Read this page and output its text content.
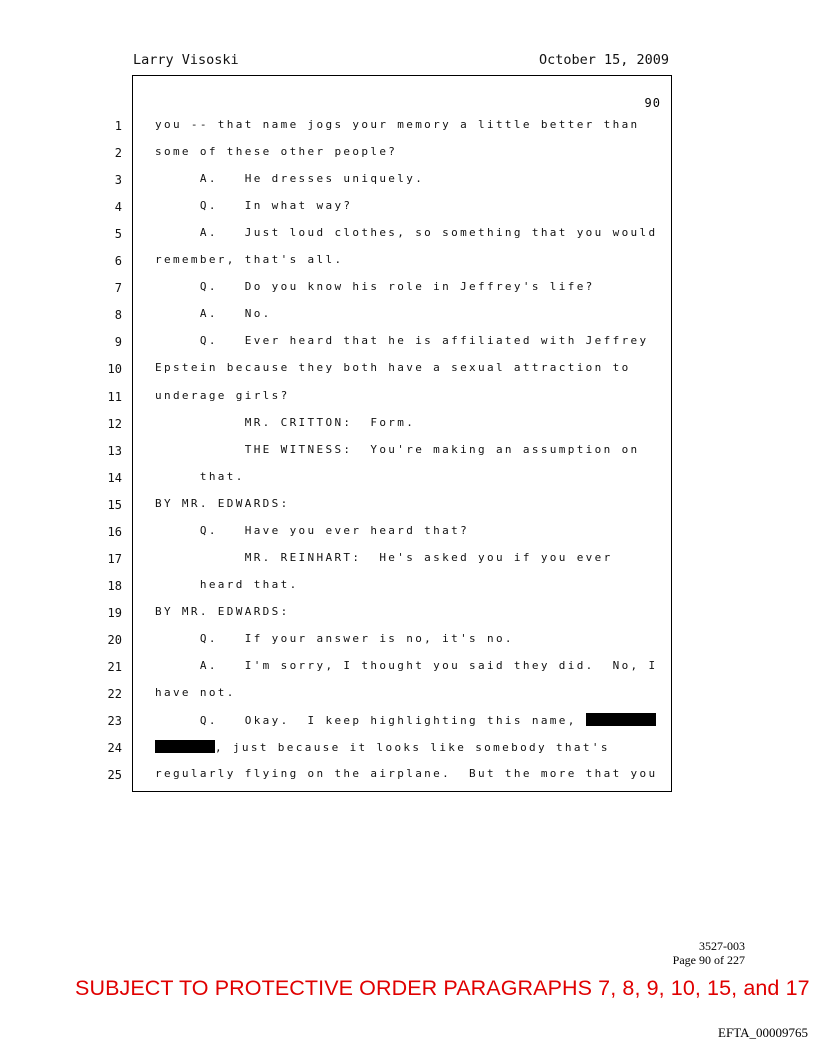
Larry Visoski	October 15, 2009
90
1	you -- that name jogs your memory a little better than
2	some of these other people?
3	A.   He dresses uniquely.
4	Q.   In what way?
5	A.   Just loud clothes, so something that you would
6	remember, that's all.
7	Q.   Do you know his role in Jeffrey's life?
8	A.   No.
9	Q.   Ever heard that he is affiliated with Jeffrey
10	Epstein because they both have a sexual attraction to
11	underage girls?
12	MR. CRITTON:  Form.
13	THE WITNESS:  You're making an assumption on
14	that.
15	BY MR. EDWARDS:
16	Q.   Have you ever heard that?
17	MR. REINHART:  He's asked you if you ever
18	heard that.
19	BY MR. EDWARDS:
20	Q.   If your answer is no, it's no.
21	A.   I'm sorry, I thought you said they did.  No, I
22	have not.
23	Q.   Okay.  I keep highlighting this name,
24	, just because it looks like somebody that's
25	regularly flying on the airplane.  But the more that you
3527-003
Page 90 of 227
SUBJECT TO PROTECTIVE ORDER PARAGRAPHS 7, 8, 9, 10, 15, and 17
EFTA_00009765
